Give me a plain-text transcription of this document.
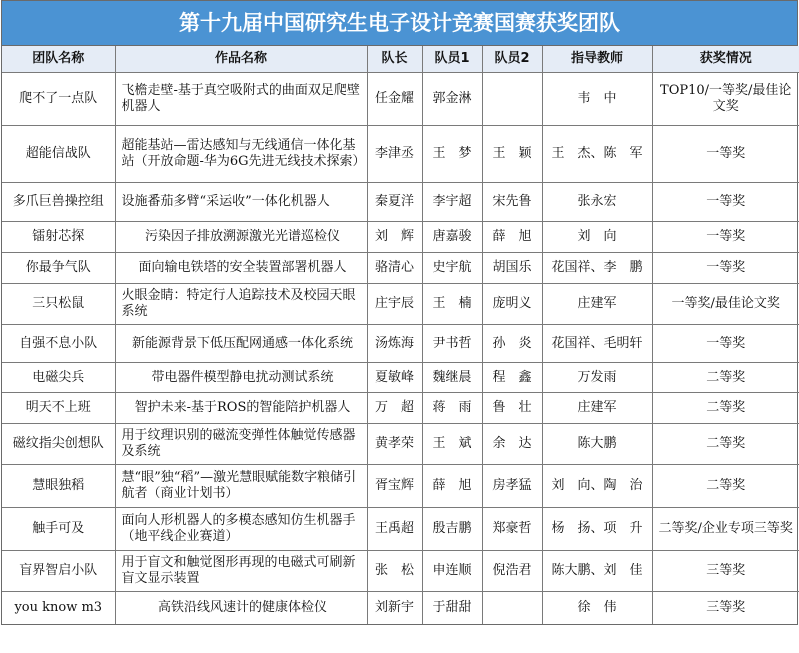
第十九届中国研究生电子设计竞赛国赛获奖团队
团队名称	作品名称	队长	队员1	队员2	指导教师	获奖情况
爬不了一点队	飞檐走壁-基于真空吸附式的曲面双足爬壁机器人	任金耀	郭金淋		韦　中	TOP10/一等奖/最佳论文奖
超能信战队	超能基站—雷达感知与无线通信一体化基站（开放命题-华为6G先进无线技术探索）	李津丞	王　梦	王　颖	王　杰、陈　军	一等奖
多爪巨兽操控组	设施番茄多臂“采运收”一体化机器人	秦夏洋	李宇超	宋先鲁	张永宏	一等奖
镭射芯探	污染因子排放溯源激光光谱巡检仪	刘　辉	唐嘉骏	薛　旭	刘　向	一等奖
你最争气队	面向输电铁塔的安全装置部署机器人	骆清心	史宇航	胡国乐	花国祥、李　鹏	一等奖
三只松鼠	火眼金睛：特定行人追踪技术及校园天眼系统	庄宇辰	王　楠	庞明义	庄建军	一等奖/最佳论文奖
自强不息小队	新能源背景下低压配网通感一体化系统	汤炼海	尹书哲	孙　炎	花国祥、毛明轩	一等奖
电磁尖兵	带电器件模型静电扰动测试系统	夏敏峰	魏继晨	程　鑫	万发雨	二等奖
明天不上班	智护未来-基于ROS的智能陪护机器人	万　超	蒋　雨	鲁　壮	庄建军	二等奖
磁纹指尖创想队	用于纹理识别的磁流变弹性体触觉传感器及系统	黄孝荣	王　斌	余　达	陈大鹏	二等奖
慧眼独稻	慧“眼”独“稻”—激光慧眼赋能数字粮储引航者（商业计划书）	胥宝辉	薛　旭	房孝猛	刘　向、陶　治	二等奖
触手可及	面向人形机器人的多模态感知仿生机器手（地平线企业赛道）	王禹超	殷吉鹏	郑豪哲	杨　扬、项　升	二等奖/企业专项三等奖
盲界智启小队	用于盲文和触觉图形再现的电磁式可刷新盲文显示装置	张　松	申连顺	倪浩君	陈大鹏、刘　佳	三等奖
you know m3	高铁沿线风速计的健康体检仪	刘新宇	于甜甜		徐　伟	三等奖
